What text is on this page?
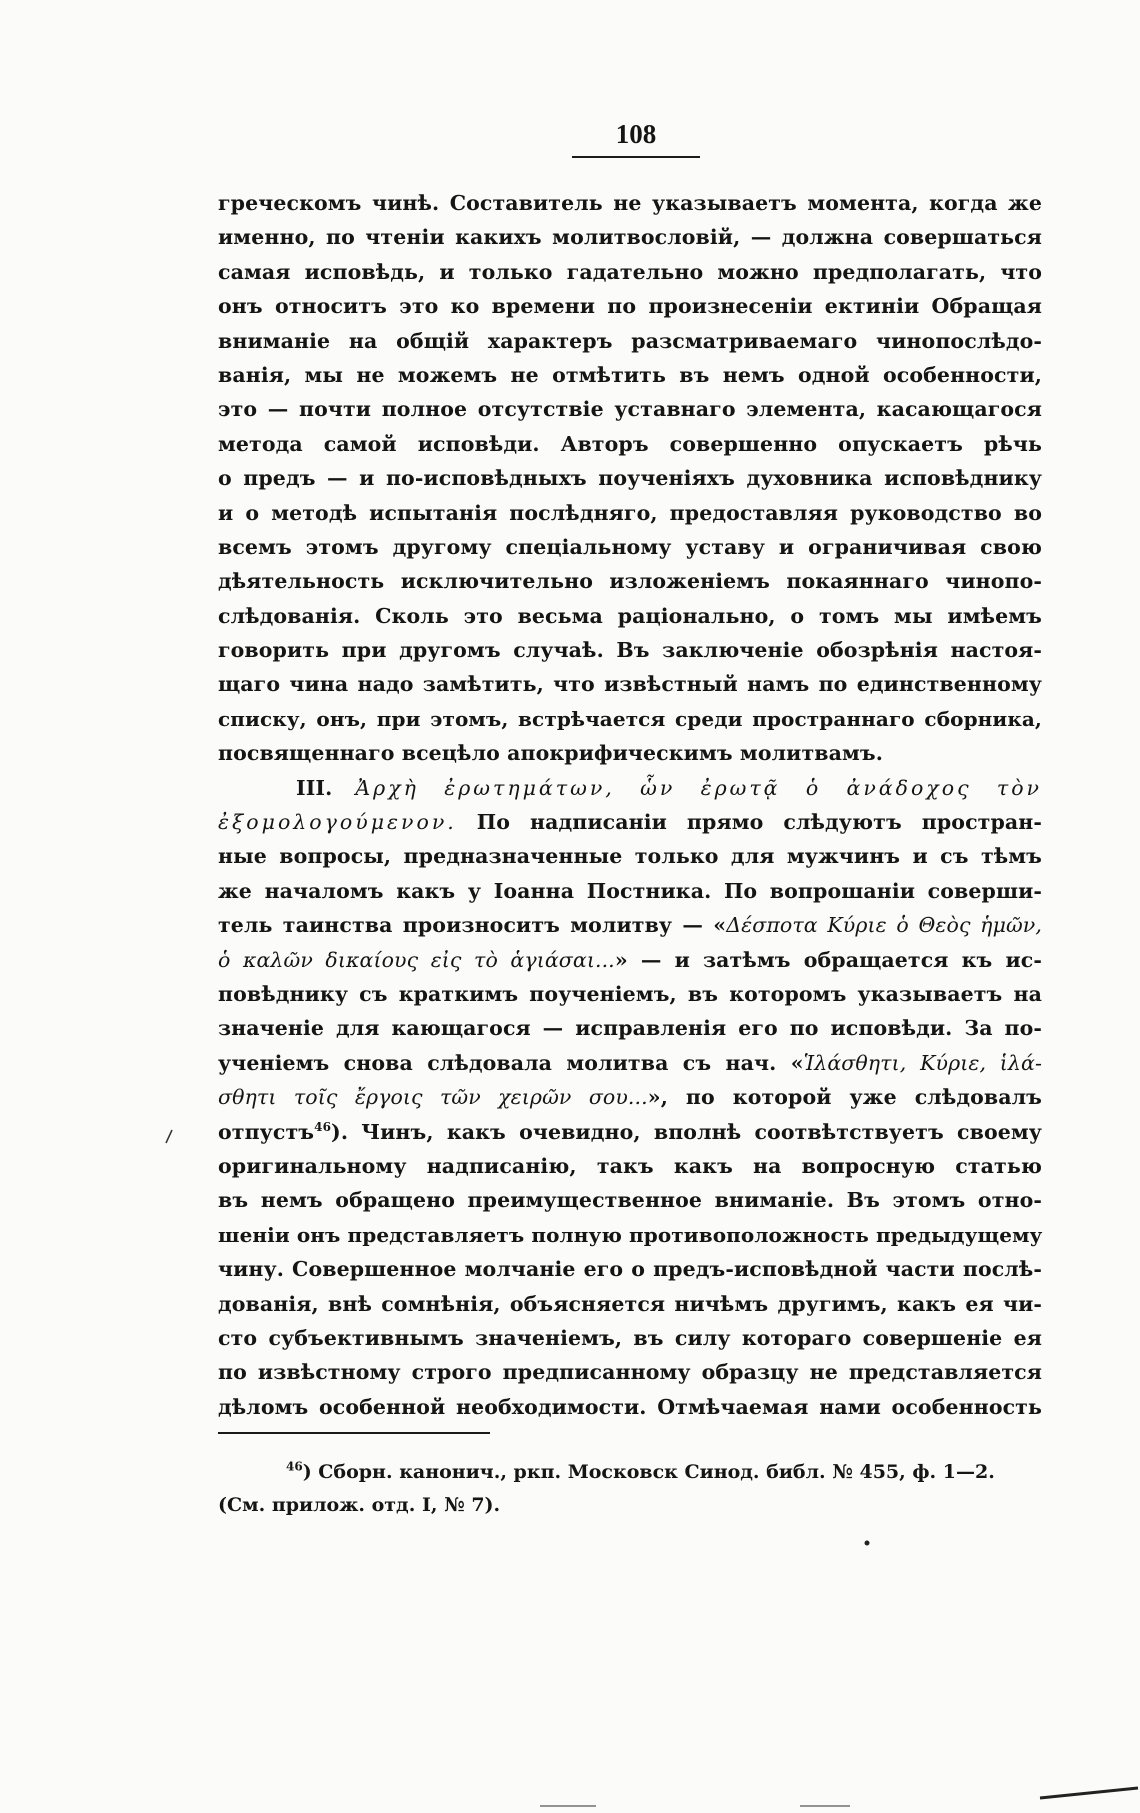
108
греческомъ чинѣ. Составитель не указываетъ момента, когда же
именно, по чтеніи какихъ молитвословій, — должна совершаться
самая исповѣдь, и только гадательно можно предполагать, что
онъ относитъ это ко времени по произнесеніи ектиніи Обращая
вниманіе на общій характеръ разсматриваемаго чинопослѣдо-
ванія, мы не можемъ не отмѣтить въ немъ одной особенности,
это — почти полное отсутствіе уставнаго элемента, касающагося
метода самой исповѣди. Авторъ совершенно опускаетъ рѣчь
о предъ — и по-исповѣдныхъ поученіяхъ духовника исповѣднику
и о методѣ испытанія послѣдняго, предоставляя руководство во
всемъ этомъ другому спеціальному уставу и ограничивая свою
дѣятельность исключительно изложеніемъ покаяннаго чинопо-
слѣдованія. Сколь это весьма раціонально, о томъ мы имѣемъ
говорить при другомъ случаѣ. Въ заключеніе обозрѣнія настоя-
щаго чина надо замѣтить, что извѣстный намъ по единственному
списку, онъ, при этомъ, встрѣчается среди пространнаго сборника,
посвященнаго всецѣло апокрифическимъ молитвамъ.
III. Ἀρχὴ ἐρωτημάτων, ὧν ἐρωτᾷ ὁ ἀνάδοχος τὸν
ἐξομολογούμενον. По надписаніи прямо слѣдуютъ простран-
ные вопросы, предназначенные только для мужчинъ и съ тѣмъ
же началомъ какъ у Іоанна Постника. По вопрошаніи соверши-
тель таинства произноситъ молитву — «Δέσποτα Κύριε ὁ Θεὸς ἡμῶν,
ὁ καλῶν δικαίους εἰς τὸ ἁγιάσαι...» — и затѣмъ обращается къ ис-
повѣднику съ краткимъ поученіемъ, въ которомъ указываетъ на
значеніе для кающагося — исправленія его по исповѣди. За по-
ученіемъ снова слѣдовала молитва съ нач. «Ἱλάσθητι, Κύριε, ἱλά-
σθητι τοῖς ἔργοις τῶν χειρῶν σου...», по которой уже слѣдовалъ
отпустъ$^{46}$). Чинъ, какъ очевидно, вполнѣ соотвѣтствуетъ своему
оригинальному надписанію, такъ какъ на вопросную статью
въ немъ обращено преимущественное вниманіе. Въ этомъ отно-
шеніи онъ представляетъ полную противоположность предыдущему
чину. Совершенное молчаніе его о предъ-исповѣдной части послѣ-
дованія, внѣ сомнѣнія, объясняется ничѣмъ другимъ, какъ ея чи-
сто субъективнымъ значеніемъ, въ силу котораго совершеніе ея
по извѣстному строго предписанному образцу не представляется
дѣломъ особенной необходимости. Отмѣчаемая нами особенность
$^{46}$) Сборн. канонич., ркп. Московск Синод. библ. № 455, ф. 1—2.
(См. прилож. отд. I, № 7).
